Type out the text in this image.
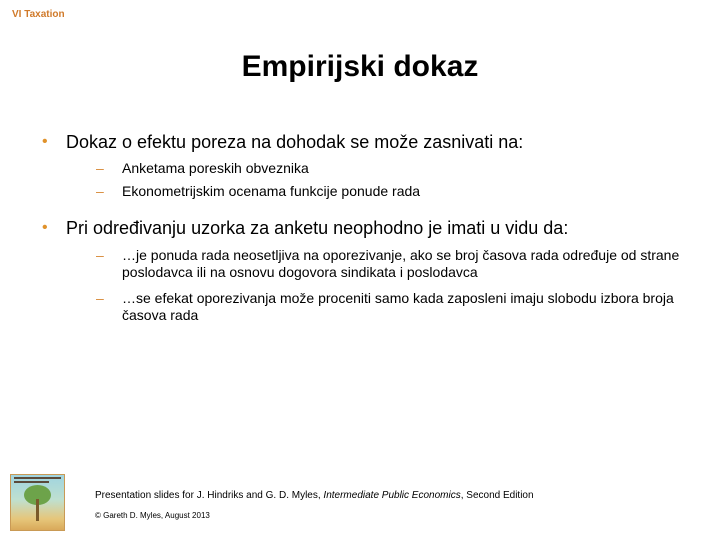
VI Taxation
Empirijski dokaz
•	Dokaz o efektu poreza na dohodak se može zasnivati na:
–	Anketama poreskih obveznika
–	Ekonometrijskim ocenama funkcije ponude rada
•	Pri određivanju uzorka za anketu neophodno je imati u vidu da:
–	…je ponuda rada neosetljiva na oporezivanje, ako se broj časova rada određuje od strane poslodavca ili na osnovu dogovora sindikata i poslodavca
–	…se efekat oporezivanja može proceniti samo kada zaposleni imaju slobodu izbora broja časova rada
Presentation slides for J. Hindriks and G. D. Myles, Intermediate Public Economics, Second Edition
© Gareth D. Myles, August 2013
